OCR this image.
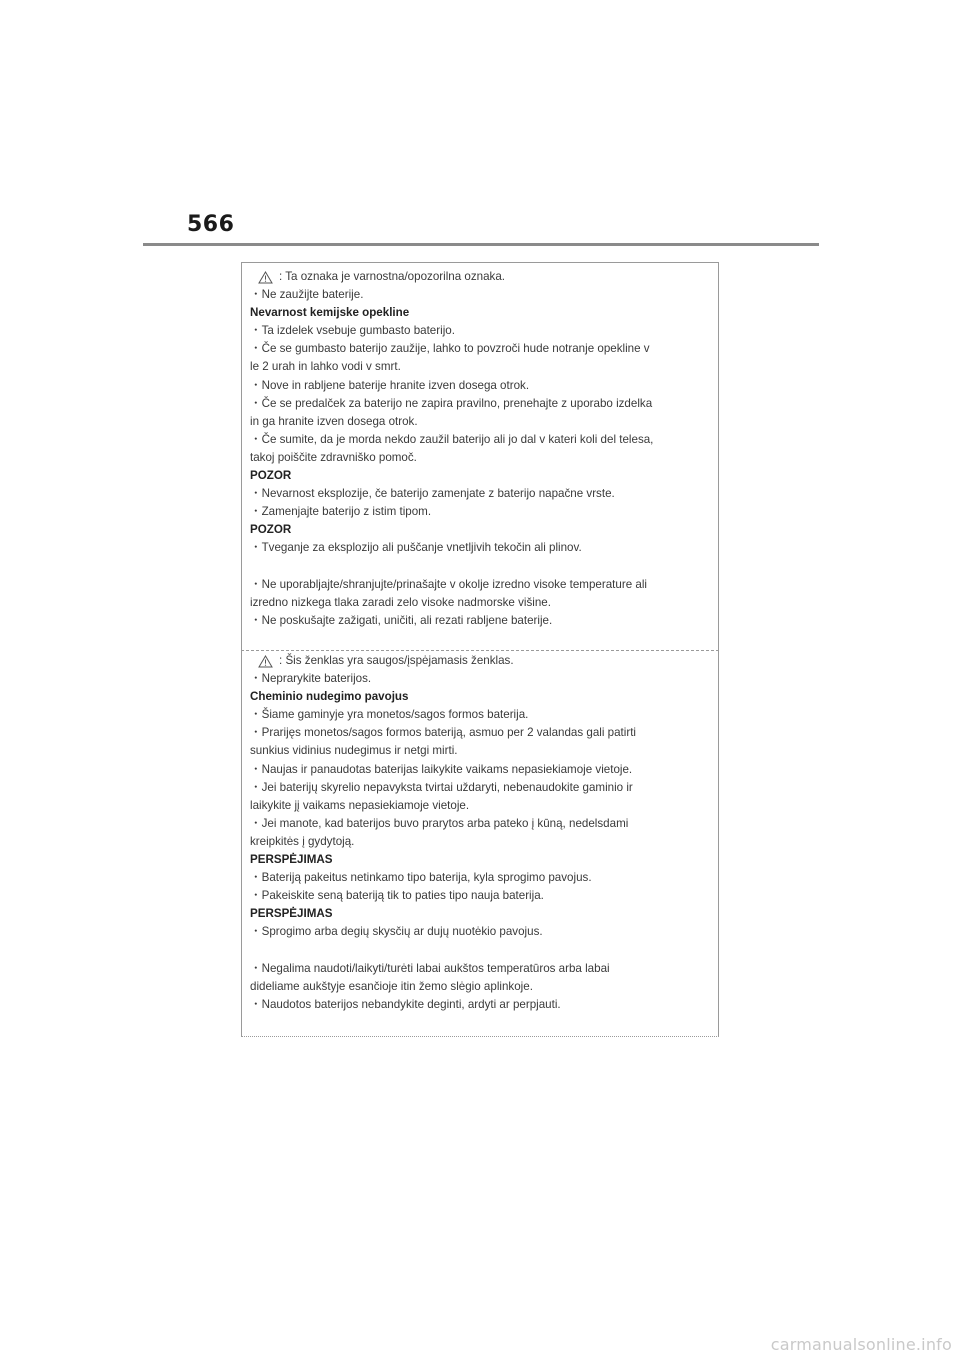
566
: Ta oznaka je varnostna/opozorilna oznaka.
・Ne zaužijte baterije.
Nevarnost kemijske opekline
・Ta izdelek vsebuje gumbasto baterijo.
・Če se gumbasto baterijo zaužije, lahko to povzroči hude notranje opekline v
le 2 urah in lahko vodi v smrt.
・Nove in rabljene baterije hranite izven dosega otrok.
・Če se predalček za baterijo ne zapira pravilno, prenehajte z uporabo izdelka
in ga hranite izven dosega otrok.
・Če sumite, da je morda nekdo zaužil baterijo ali jo dal v kateri koli del telesa,
takoj poiščite zdravniško pomoč.
POZOR
・Nevarnost eksplozije, če baterijo zamenjate z baterijo napačne vrste.
・Zamenjajte baterijo z istim tipom.
POZOR
・Tveganje za eksplozijo ali puščanje vnetljivih tekočin ali plinov.
・Ne uporabljajte/shranjujte/prinašajte v okolje izredno visoke temperature ali
izredno nizkega tlaka zaradi zelo visoke nadmorske višine.
・Ne poskušajte zažigati, uničiti, ali rezati rabljene baterije.
: Šis ženklas yra saugos/įspėjamasis ženklas.
・Neprarykite baterijos.
Cheminio nudegimo pavojus
・Šiame gaminyje yra monetos/sagos formos baterija.
・Prarijęs monetos/sagos formos bateriją, asmuo per 2 valandas gali patirti
sunkius vidinius nudegimus ir netgi mirti.
・Naujas ir panaudotas baterijas laikykite vaikams nepasiekiamoje vietoje.
・Jei baterijų skyrelio nepavyksta tvirtai uždaryti, nebenaudokite gaminio ir
laikykite jį vaikams nepasiekiamoje vietoje.
・Jei manote, kad baterijos buvo prarytos arba pateko į kūną, nedelsdami
kreipkitės į gydytoją.
PERSPĖJIMAS
・Bateriją pakeitus netinkamo tipo baterija, kyla sprogimo pavojus.
・Pakeiskite seną bateriją tik to paties tipo nauja baterija.
PERSPĖJIMAS
・Sprogimo arba degių skysčių ar dujų nuotėkio pavojus.
・Negalima naudoti/laikyti/turėti labai aukštos temperatūros arba labai
dideliame aukštyje esančioje itin žemo slėgio aplinkoje.
・Naudotos baterijos nebandykite deginti, ardyti ar perpjauti.
carmanualsonline.info
